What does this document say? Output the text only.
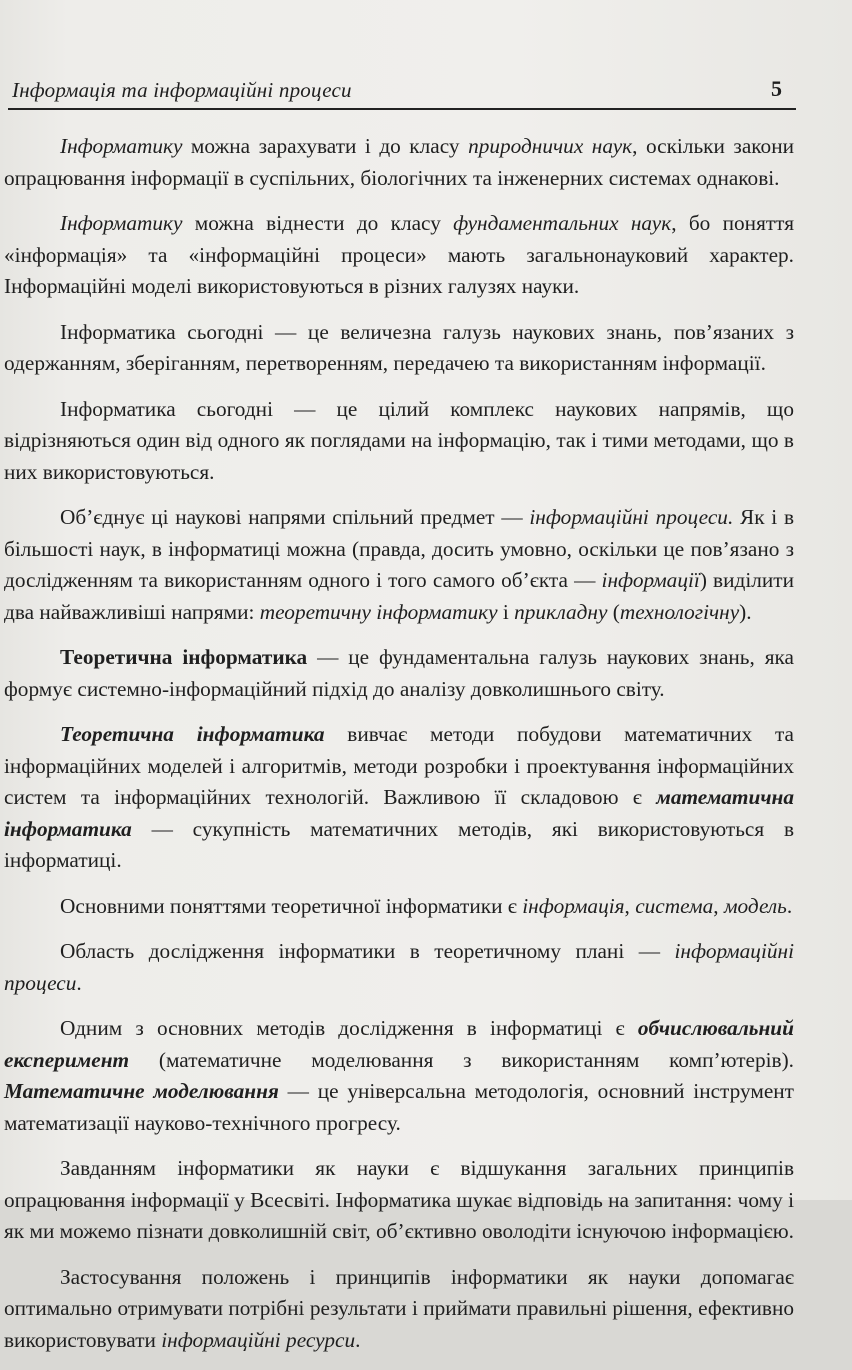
Інформація та інформаційні процеси	5

Інформатику можна зарахувати і до класу природничих наук, оскільки закони опрацювання інформації в суспільних, біологічних та інженерних системах однакові.

Інформатику можна віднести до класу фундаментальних наук, бо поняття «інформація» та «інформаційні процеси» мають загальнонауковий характер. Інформаційні моделі використовуються в різних галузях науки.

Інформатика сьогодні — це величезна галузь наукових знань, пов’язаних з одержанням, зберіганням, перетворенням, передачею та використанням інформації.

Інформатика сьогодні — це цілий комплекс наукових напрямів, що відрізняються один від одного як поглядами на інформацію, так і тими методами, що в них використовуються.

Об’єднує ці наукові напрями спільний предмет — інформаційні процеси. Як і в більшості наук, в інформатиці можна (правда, досить умовно, оскільки це пов’язано з дослідженням та використанням одного і того самого об’єкта — інформації) виділити два найважливіші напрями: теоретичну інформатику і прикладну (технологічну).

Теоретична інформатика — це фундаментальна галузь наукових знань, яка формує системно-інформаційний підхід до аналізу довколишнього світу.

Теоретична інформатика вивчає методи побудови математичних та інформаційних моделей і алгоритмів, методи розробки і проектування інформаційних систем та інформаційних технологій. Важливою її складовою є математична інформатика — сукупність математичних методів, які використовуються в інформатиці.

Основними поняттями теоретичної інформатики є інформація, система, модель.

Область дослідження інформатики в теоретичному плані — інформаційні процеси.

Одним з основних методів дослідження в інформатиці є обчислювальний експеримент (математичне моделювання з використанням комп’ютерів). Математичне моделювання — це універсальна методологія, основний інструмент математизації науково-технічного прогресу.

Завданням інформатики як науки є відшукання загальних принципів опрацювання інформації у Всесвіті. Інформатика шукає відповідь на запитання: чому і як ми можемо пізнати довколишній світ, об’єктивно оволодіти існуючою інформацією.

Застосування положень і принципів інформатики як науки допомагає оптимально отримувати потрібні результати і приймати правильні рішення, ефективно використовувати інформаційні ресурси.
